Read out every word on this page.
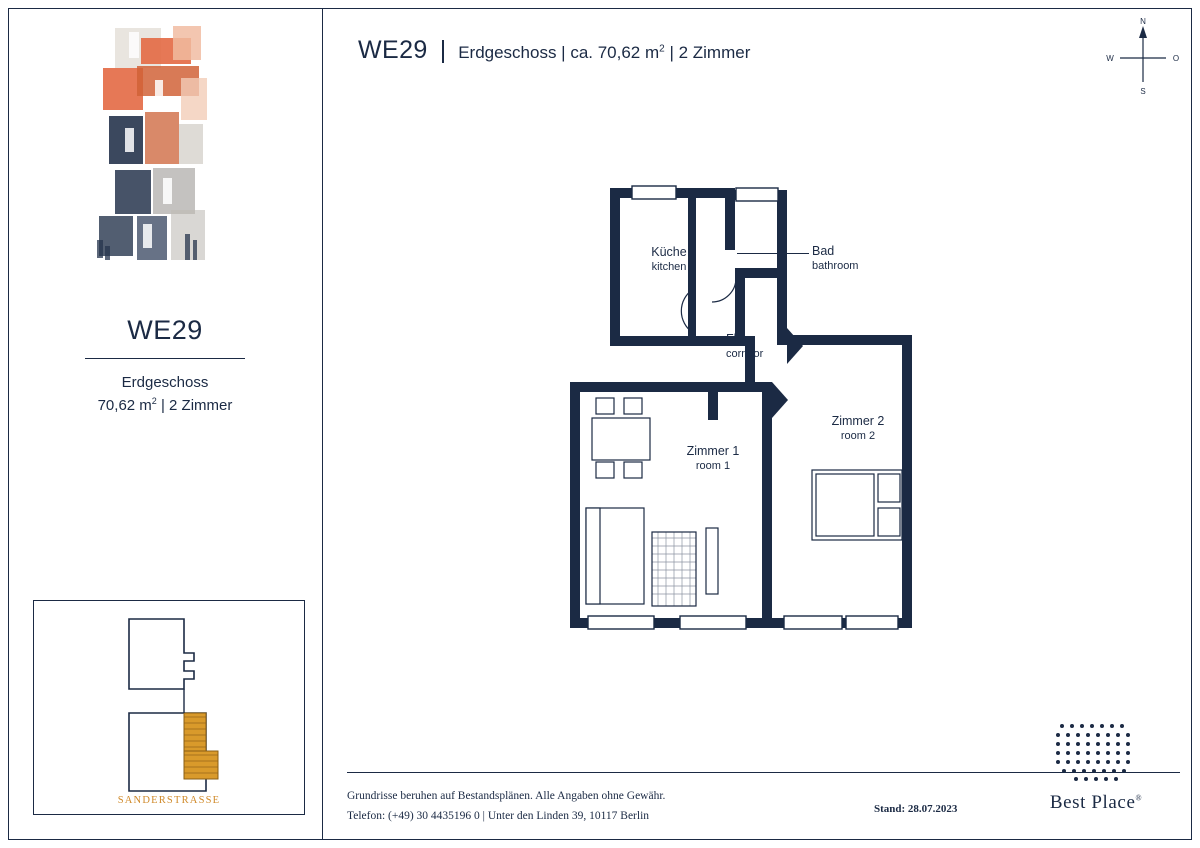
WE29
Erdgeschoss
70,62 $m^2$ | 2 Zimmer
SANDERSTRASSE
WE29 | Erdgeschoss | ca. 70,62 $m^2$ | 2 Zimmer
N
S
W	O
Küche
kitchen
Bad
bathroom
Flur
corridor
Zimmer 1
room 1
Zimmer 2
room 2
Grundrisse beruhen auf Bestandsplänen. Alle Angaben ohne Gewähr.
Telefon: (+49) 30 4435196 0 | Unter den Linden 39, 10117 Berlin
Stand: 28.07.2023	Best Place®
